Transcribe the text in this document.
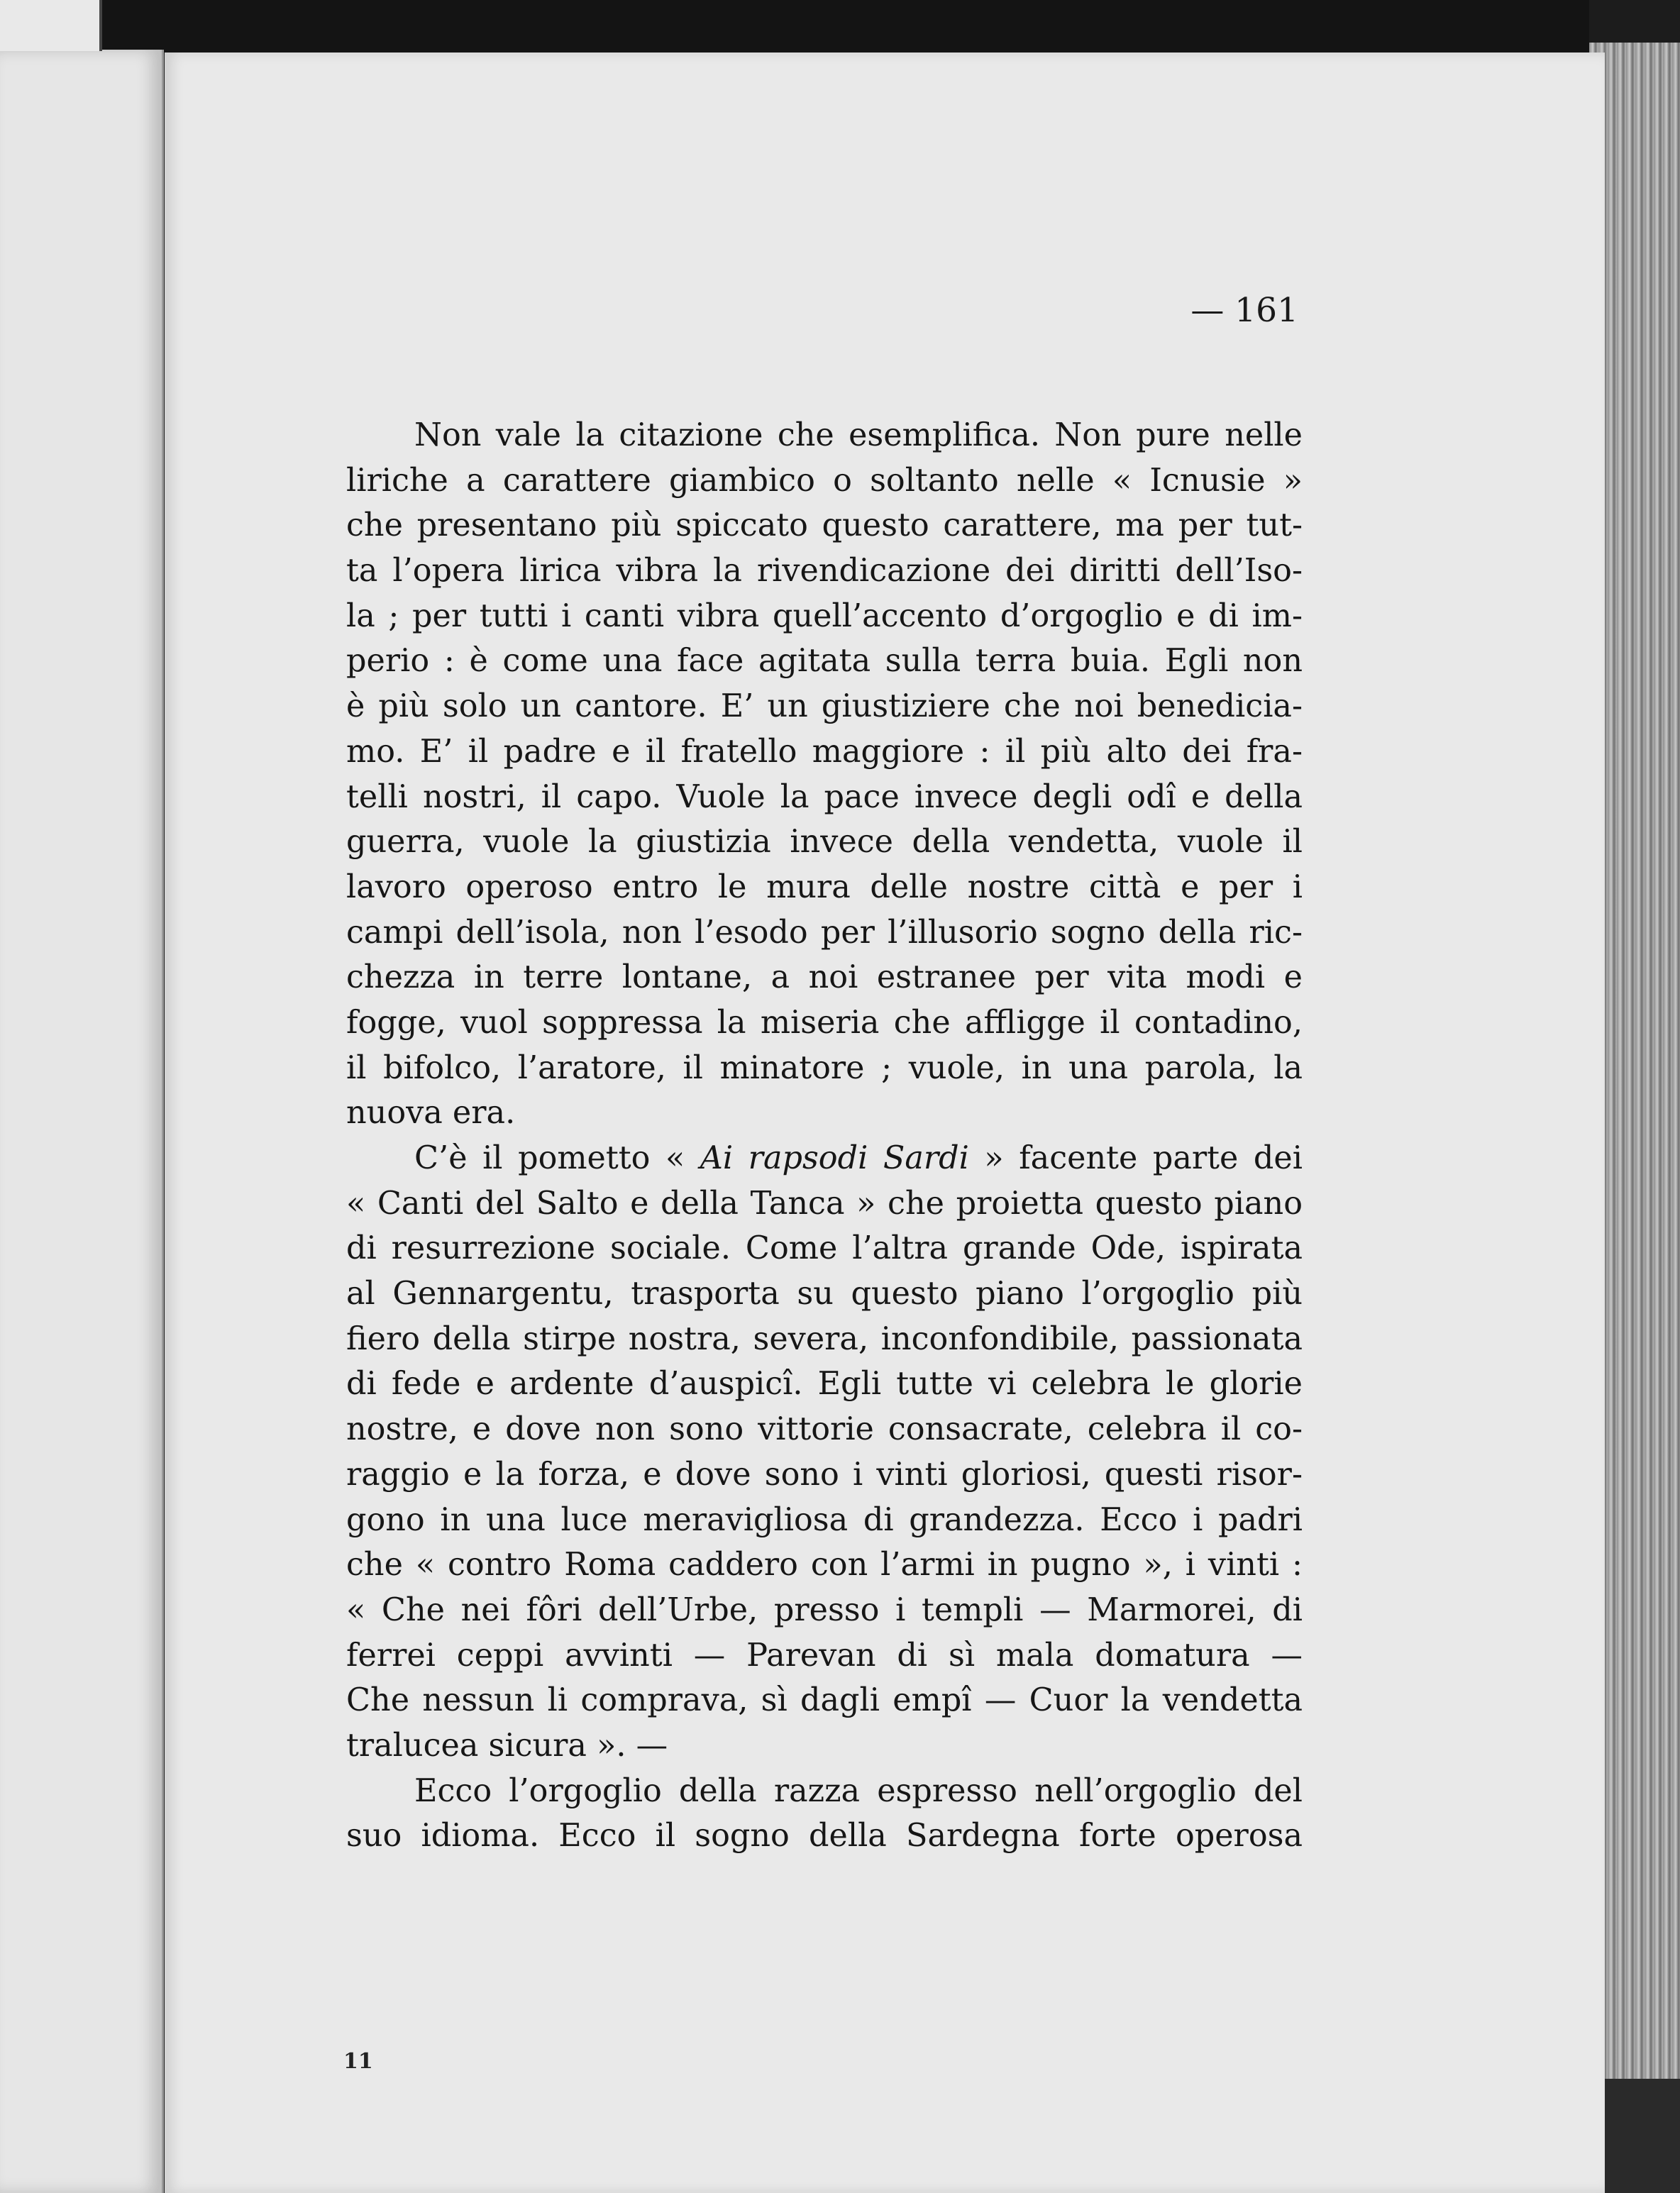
— 161
Non vale la citazione che esemplifica. Non pure nelle
liriche a carattere giambico o soltanto nelle « Icnusie »
che presentano più spiccato questo carattere, ma per tut-
ta l’opera lirica vibra la rivendicazione dei diritti dell’Iso-
la ; per tutti i canti vibra quell’accento d’orgoglio e di im-
perio : è come una face agitata sulla terra buia. Egli non
è più solo un cantore. E’ un giustiziere che noi benedicia-
mo. E’ il padre e il fratello maggiore : il più alto dei fra-
telli nostri, il capo. Vuole la pace invece degli odî e della
guerra, vuole la giustizia invece della vendetta, vuole il
lavoro operoso entro le mura delle nostre città e per i
campi dell’isola, non l’esodo per l’illusorio sogno della ric-
chezza in terre lontane, a noi estranee per vita modi e
fogge, vuol soppressa la miseria che affligge il contadino,
il bifolco, l’aratore, il minatore ; vuole, in una parola, la
nuova era.
C’è il pometto « Ai rapsodi Sardi » facente parte dei
« Canti del Salto e della Tanca » che proietta questo piano
di resurrezione sociale. Come l’altra grande Ode, ispirata
al Gennargentu, trasporta su questo piano l’orgoglio più
fiero della stirpe nostra, severa, inconfondibile, passionata
di fede e ardente d’auspicî. Egli tutte vi celebra le glorie
nostre, e dove non sono vittorie consacrate, celebra il co-
raggio e la forza, e dove sono i vinti gloriosi, questi risor-
gono in una luce meravigliosa di grandezza. Ecco i padri
che « contro Roma caddero con l’armi in pugno », i vinti :
« Che nei fôri dell’Urbe, presso i templi — Marmorei, di
ferrei ceppi avvinti — Parevan di sì mala domatura —
Che nessun li comprava, sì dagli empî — Cuor la vendetta
tralucea sicura ». —
Ecco l’orgoglio della razza espresso nell’orgoglio del
suo idioma. Ecco il sogno della Sardegna forte operosa
11
